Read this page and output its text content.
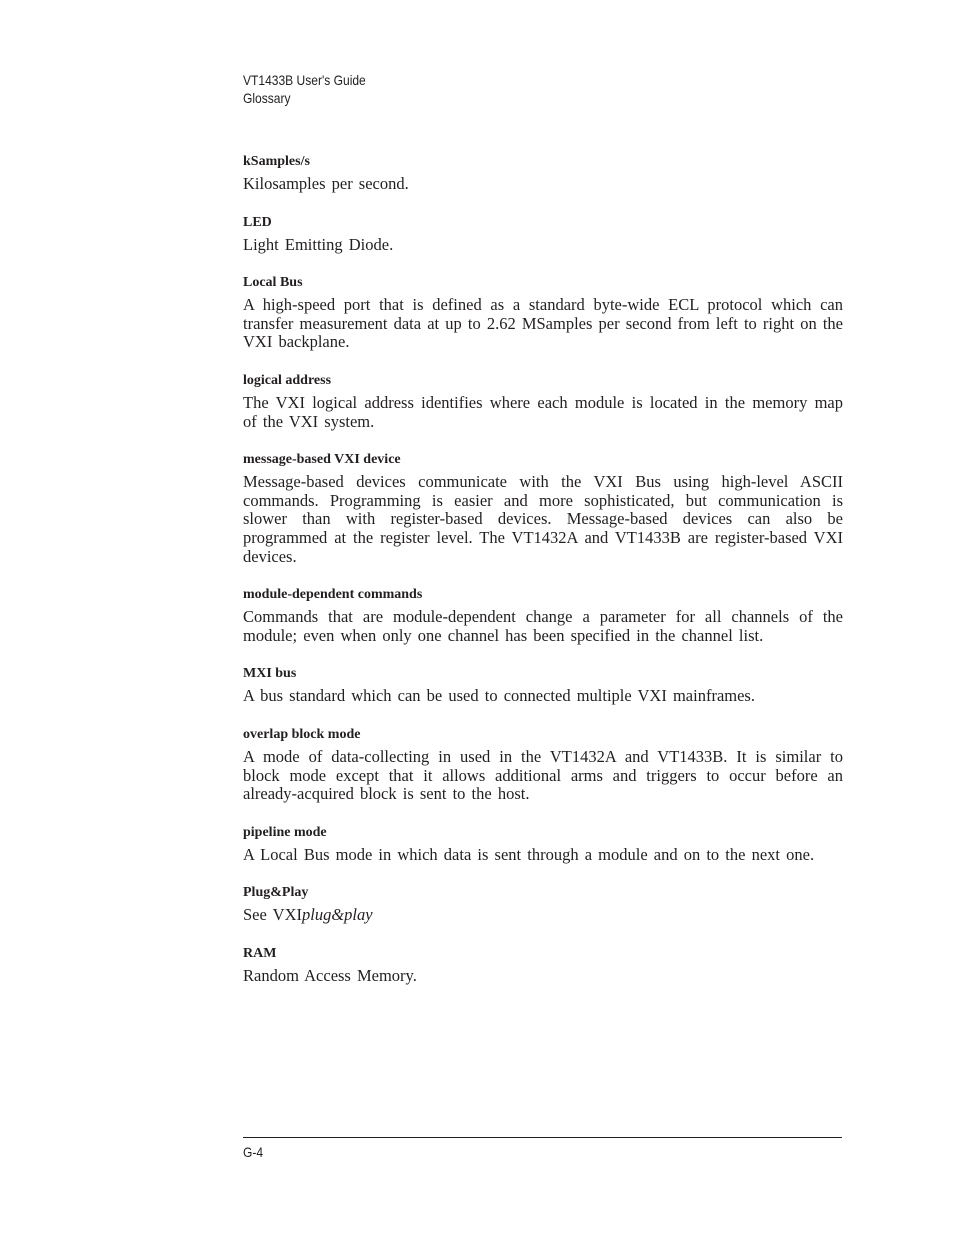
VT1433B User's Guide
Glossary
kSamples/s
Kilosamples per second.
LED
Light Emitting Diode.
Local Bus
A high-speed port that is defined as a standard byte-wide ECL protocol which can transfer measurement data at up to 2.62 MSamples per second from left to right on the VXI backplane.
logical address
The VXI logical address identifies where each module is located in the memory map of the VXI system.
message-based VXI device
Message-based devices communicate with the VXI Bus using high-level ASCII commands. Programming is easier and more sophisticated, but communication is slower than with register-based devices. Message-based devices can also be programmed at the register level. The VT1432A and VT1433B are register-based VXI devices.
module-dependent commands
Commands that are module-dependent change a parameter for all channels of the module; even when only one channel has been specified in the channel list.
MXI bus
A bus standard which can be used to connected multiple VXI mainframes.
overlap block mode
A mode of data-collecting in used in the VT1432A and VT1433B. It is similar to block mode except that it allows additional arms and triggers to occur before an already-acquired block is sent to the host.
pipeline mode
A Local Bus mode in which data is sent through a module and on to the next one.
Plug&Play
See VXIplug&play
RAM
Random Access Memory.
G-4
